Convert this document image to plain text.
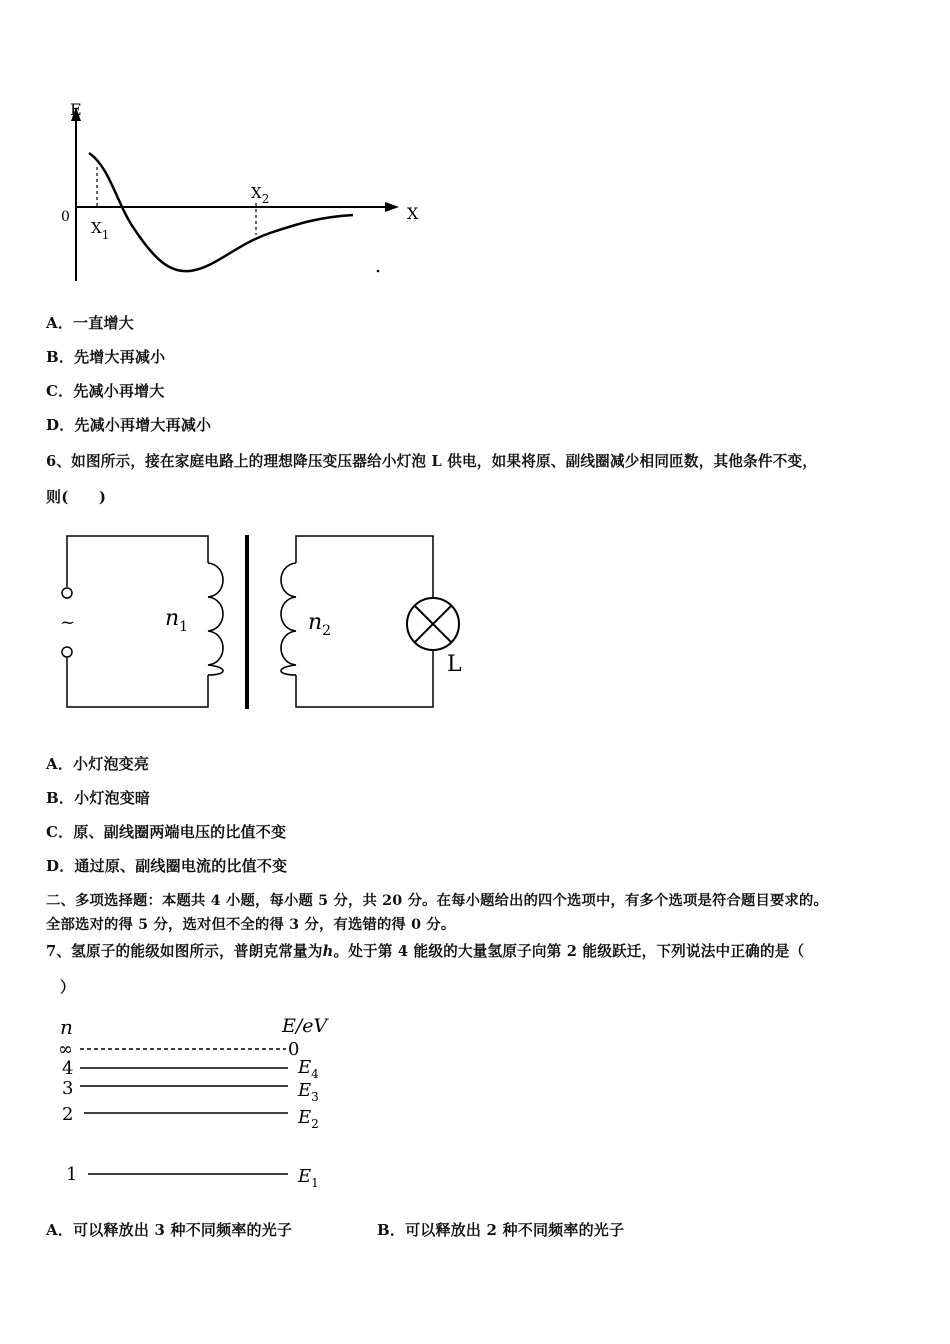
E
X
0
$X_1$
$X_2$
A．一直增大
B．先增大再减小
C．先减小再增大
D．先减小再增大再减小
6、如图所示，接在家庭电路上的理想降压变压器给小灯泡 L 供电，如果将原、副线圈减少相同匝数，其他条件不变，
则(　　)
~	$n_1$	$n_2$
L
A．小灯泡变亮
B．小灯泡变暗
C．原、副线圈两端电压的比值不变
D．通过原、副线圈电流的比值不变
二、多项选择题：本题共 4 小题，每小题 5 分，共 20 分。在每小题给出的四个选项中，有多个选项是符合题目要求的。
全部选对的得 5 分，选对但不全的得 3 分，有选错的得 0 分。
7、氢原子的能级如图所示，普朗克常量为h。处于第 4 能级的大量氢原子向第 2 能级跃迁，下列说法中正确的是（
）
n	E/eV
∞	0
4	$E_4$
3	$E_3$
2	$E_2$
1	$E_1$
A．可以释放出 3 种不同频率的光子	B．可以释放出 2 种不同频率的光子
